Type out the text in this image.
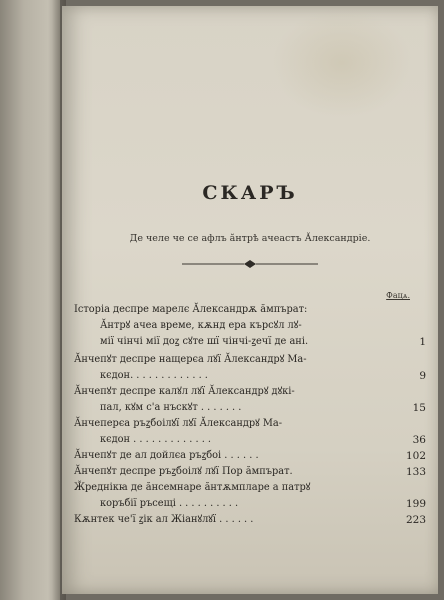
СКАРЪ
Де челе че се афлъ ӑнтрѣ ачеастъ Ӑлександріе.
Фацѧ.
Історіа деспре марелє Ӑлександрѫ ӑмпърат:
Ӑнтрꙋ ачеа време, кѫнд ера кърсꙋл лꙋ-
мії чінчі мії доꙁ сꙋте шї чінчі-ꙁечї де ані.	1
Ӑнчепꙋт деспре нащерєа лꙋї Ӑлександрꙋ Ма-
кєдон. . . . . . . . . . . . .	9
Ӑнчепꙋт деспре калꙋл лꙋї Ӑлександрꙋ дꙋкі-
пал, кꙋм с'а нъскꙋт . . . . . . .	15
Ӑнчеперєа ръꙁбоілꙋї лꙋї Ӑлександрꙋ Ма-
кєдон . . . . . . . . . . . . .	36
Ӑнчепꙋт де ал дойлєа ръꙁбоі . . . . . .	102
Ӑнчепꙋт деспре ръꙁбоілꙋ лꙋї Пор ӑмпърат.	133
Ӂреднікꙗ де ӑнсемнаре ӑнтѫмпларе а патрꙋ
коръбії ръсещі . . . . . . . . . .	199
Кѫнтек че'ї ꙁік ал Жіанꙋлꙋї . . . . . .	223
